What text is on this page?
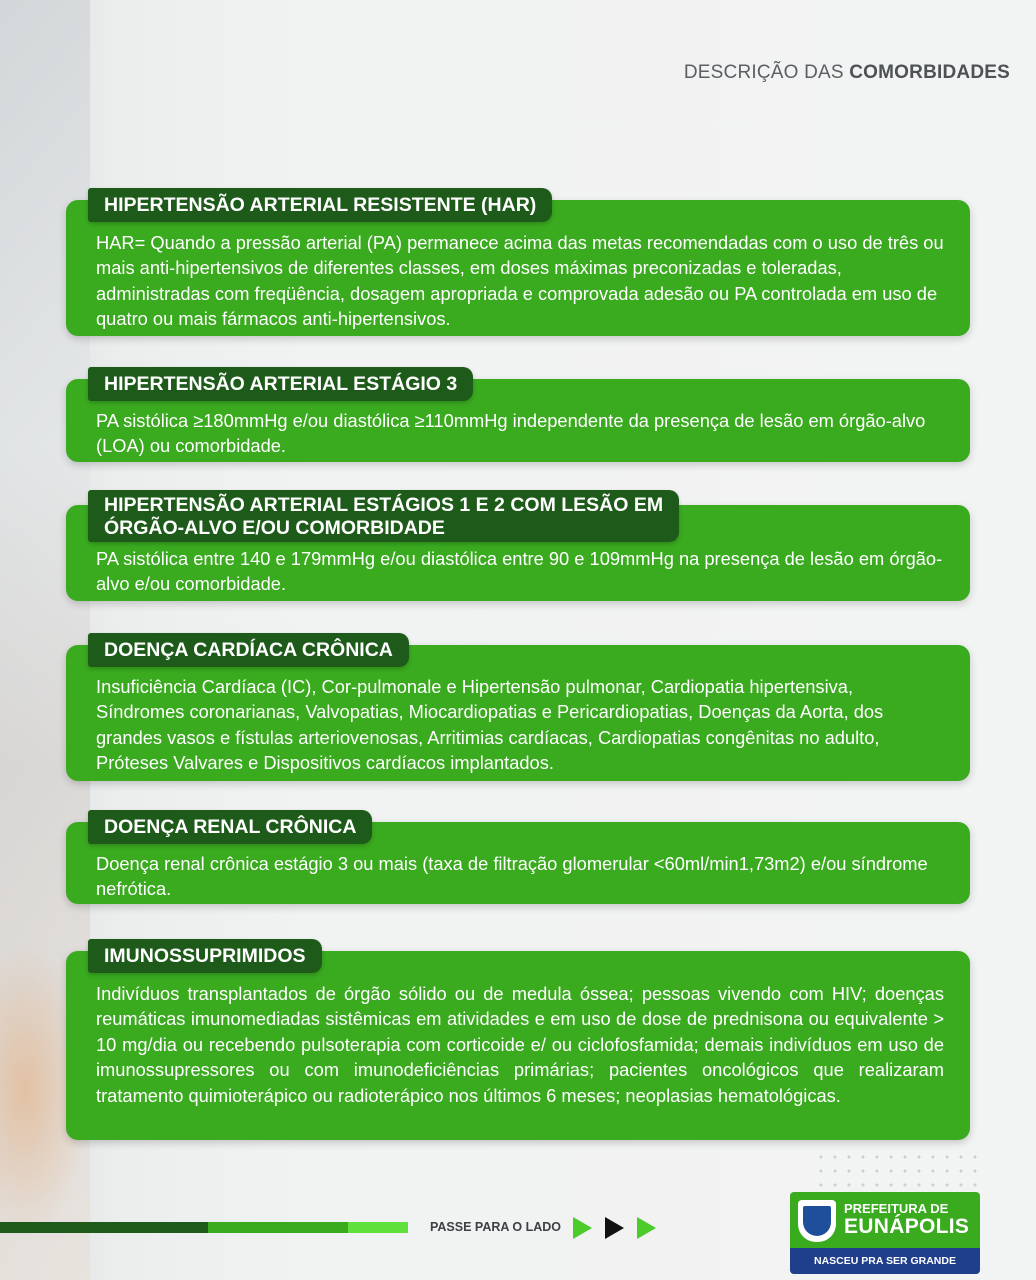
DESCRIÇÃO DAS COMORBIDADES
HAR= Quando a pressão arterial (PA) permanece acima das metas recomendadas com o uso de três ou mais anti-hipertensivos de diferentes classes, em doses máximas preconizadas e toleradas, administradas com freqüência, dosagem apropriada e comprovada adesão ou PA controlada em uso de quatro ou mais fármacos anti-hipertensivos.
HIPERTENSÃO ARTERIAL RESISTENTE (HAR)
PA sistólica ≥180mmHg e/ou diastólica ≥110mmHg independente da presença de lesão em órgão-alvo (LOA) ou comorbidade.
HIPERTENSÃO ARTERIAL ESTÁGIO 3
PA sistólica entre 140 e 179mmHg e/ou diastólica entre 90 e 109mmHg na presença de lesão em órgão-alvo e/ou comorbidade.
HIPERTENSÃO ARTERIAL ESTÁGIOS 1 E 2 COM LESÃO EM
ÓRGÃO-ALVO E/OU COMORBIDADE
Insuficiência Cardíaca (IC), Cor-pulmonale e Hipertensão pulmonar, Cardiopatia hipertensiva, Síndromes coronarianas, Valvopatias, Miocardiopatias e Pericardiopatias, Doenças da Aorta, dos grandes vasos e fístulas arteriovenosas, Arritimias cardíacas, Cardiopatias congênitas no adulto, Próteses Valvares e Dispositivos cardíacos implantados.
DOENÇA CARDÍACA CRÔNICA
Doença renal crônica estágio 3 ou mais (taxa de filtração glomerular <60ml/min1,73m2) e/ou síndrome nefrótica.
DOENÇA RENAL CRÔNICA
Indivíduos transplantados de órgão sólido ou de medula óssea; pessoas vivendo com HIV; doenças reumáticas imunomediadas sistêmicas em atividades e em uso de dose de prednisona ou equivalente > 10 mg/dia ou recebendo pulsoterapia com corticoide e/ ou ciclofosfamida; demais indivíduos em uso de imunossupressores ou com imunodeficiências primárias; pacientes oncológicos que realizaram tratamento quimioterápico ou radioterápico nos últimos 6 meses; neoplasias hematológicas.
IMUNOSSUPRIMIDOS
PASSE PARA O LADO
PREFEITURA DE
EUNÁPOLIS
NASCEU PRA SER GRANDE
